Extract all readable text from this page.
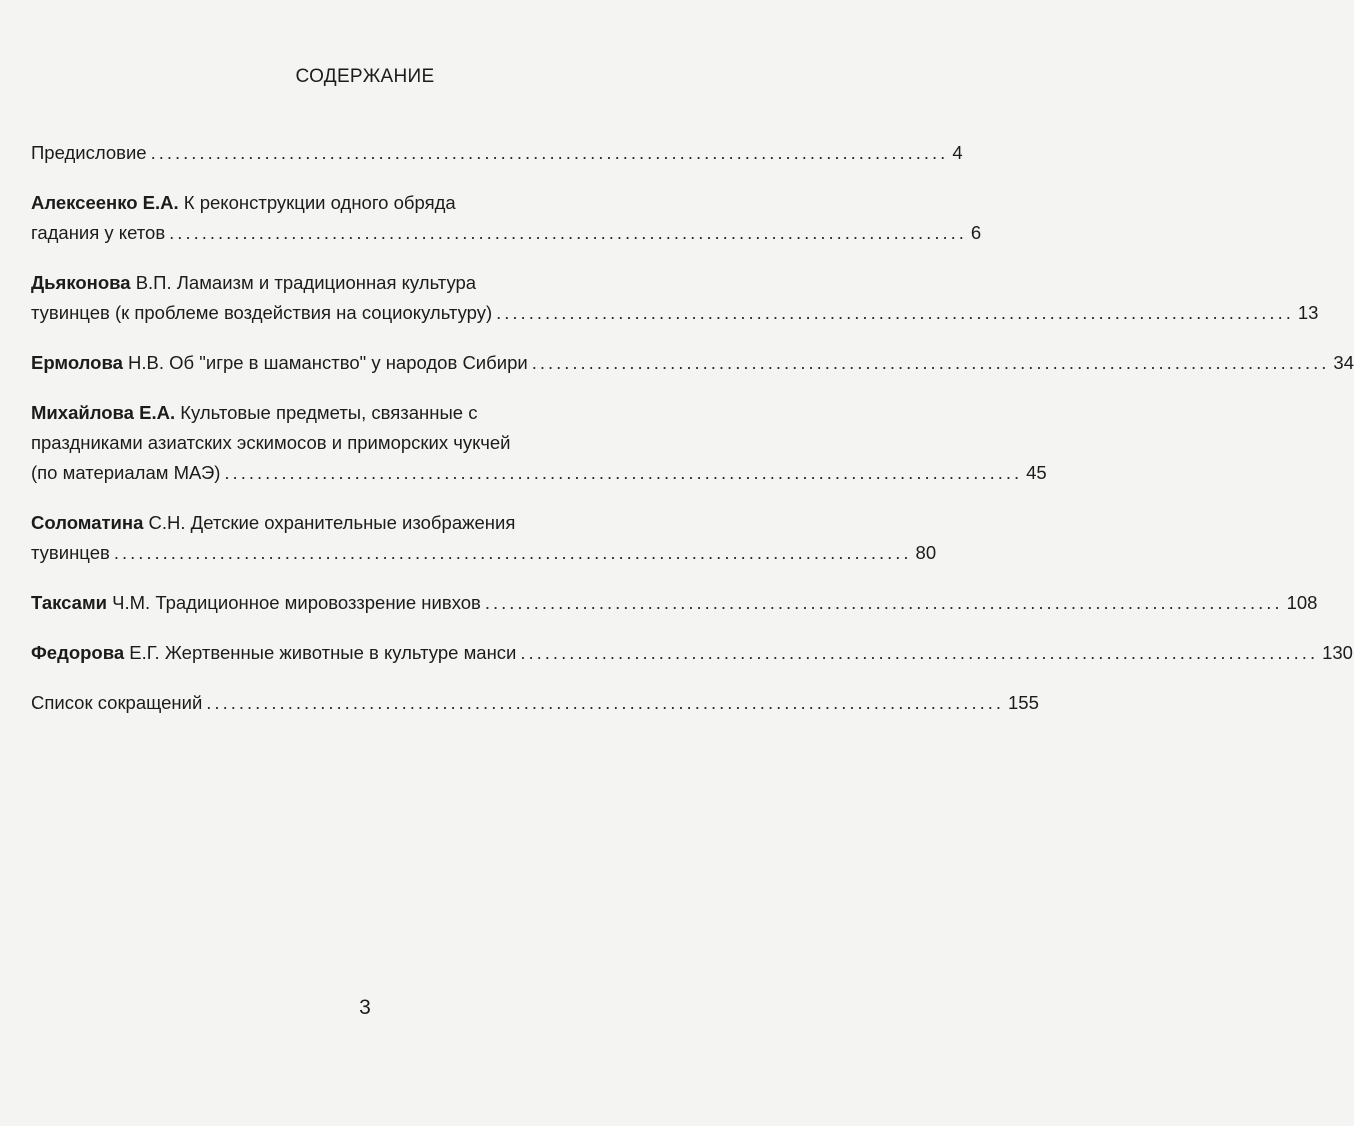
СОДЕРЖАНИЕ
Предисловие .................................................................................................. 4
Алексеенко Е.А. К реконструкции одного обряда
гадания у кетов .................................................................................................. 6
Дьяконова В.П. Ламаизм и традиционная культура
тувинцев (к проблеме воздействия на социокультуру) .................................................................................................. 13
Ермолова Н.В. Об "игре в шаманство" у народов Сибири .................................................................................................. 34
Михайлова Е.А. Культовые предметы, связанные с
праздниками азиатских эскимосов и приморских чукчей
(по материалам МАЭ) .................................................................................................. 45
Соломатина С.Н. Детские охранительные изображения
тувинцев .................................................................................................. 80
Таксами Ч.М. Традиционное мировоззрение нивхов .................................................................................................. 108
Федорова Е.Г. Жертвенные животные в культуре манси .................................................................................................. 130
Список сокращений .................................................................................................. 155
3
